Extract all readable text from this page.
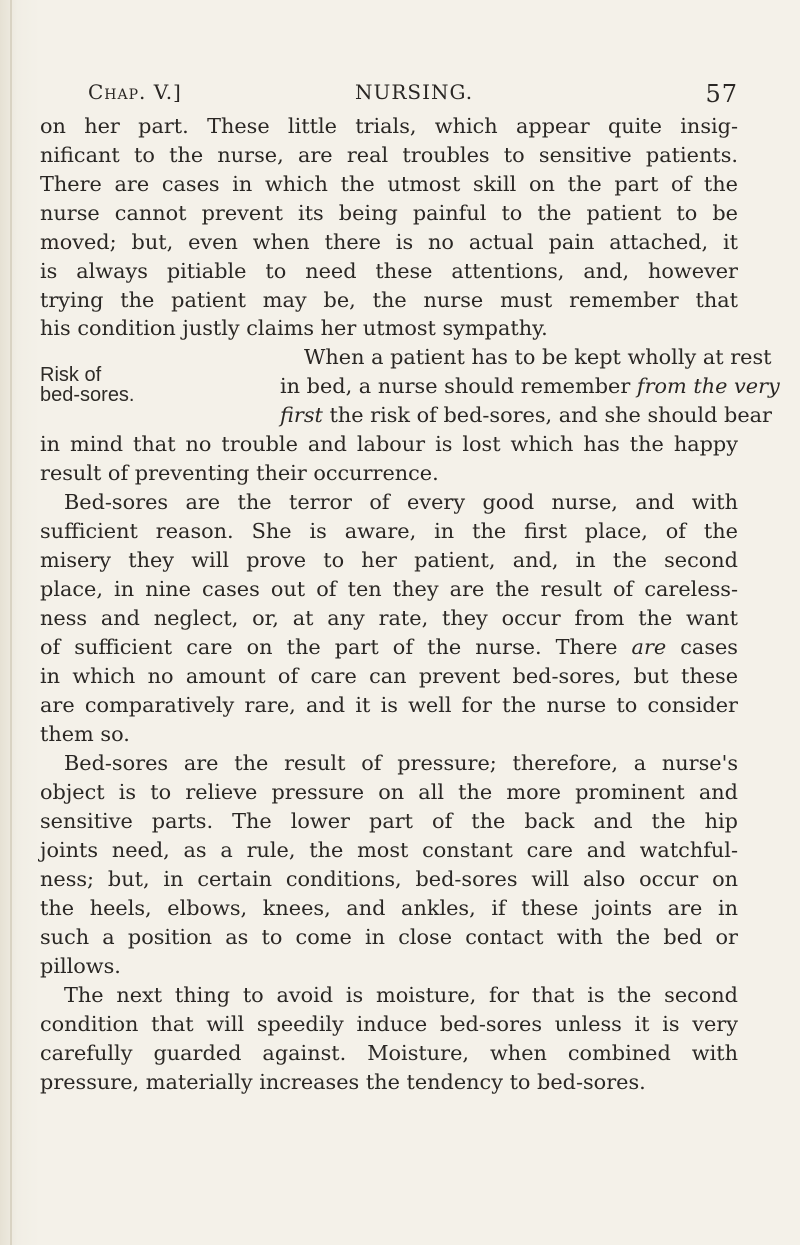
Chap. V.]	NURSING.	57
on her part. These little trials, which appear quite insig-
nificant to the nurse, are real troubles to sensitive patients.
There are cases in which the utmost skill on the part of the
nurse cannot prevent its being painful to the patient to be
moved; but, even when there is no actual pain attached, it
is always pitiable to need these attentions, and, however
trying the patient may be, the nurse must remember that
his condition justly claims her utmost sympathy.
Risk of
bed-sores.
When a patient has to be kept wholly at rest
in bed, a nurse should remember from the very
first the risk of bed-sores, and she should bear
in mind that no trouble and labour is lost which has the happy
result of preventing their occurrence.
Bed-sores are the terror of every good nurse, and with
sufficient reason. She is aware, in the first place, of the
misery they will prove to her patient, and, in the second
place, in nine cases out of ten they are the result of careless-
ness and neglect, or, at any rate, they occur from the want
of sufficient care on the part of the nurse. There are cases
in which no amount of care can prevent bed-sores, but these
are comparatively rare, and it is well for the nurse to consider
them so.
Bed-sores are the result of pressure; therefore, a nurse's
object is to relieve pressure on all the more prominent and
sensitive parts. The lower part of the back and the hip
joints need, as a rule, the most constant care and watchful-
ness; but, in certain conditions, bed-sores will also occur on
the heels, elbows, knees, and ankles, if these joints are in
such a position as to come in close contact with the bed or
pillows.
The next thing to avoid is moisture, for that is the second
condition that will speedily induce bed-sores unless it is very
carefully guarded against. Moisture, when combined with
pressure, materially increases the tendency to bed-sores.
